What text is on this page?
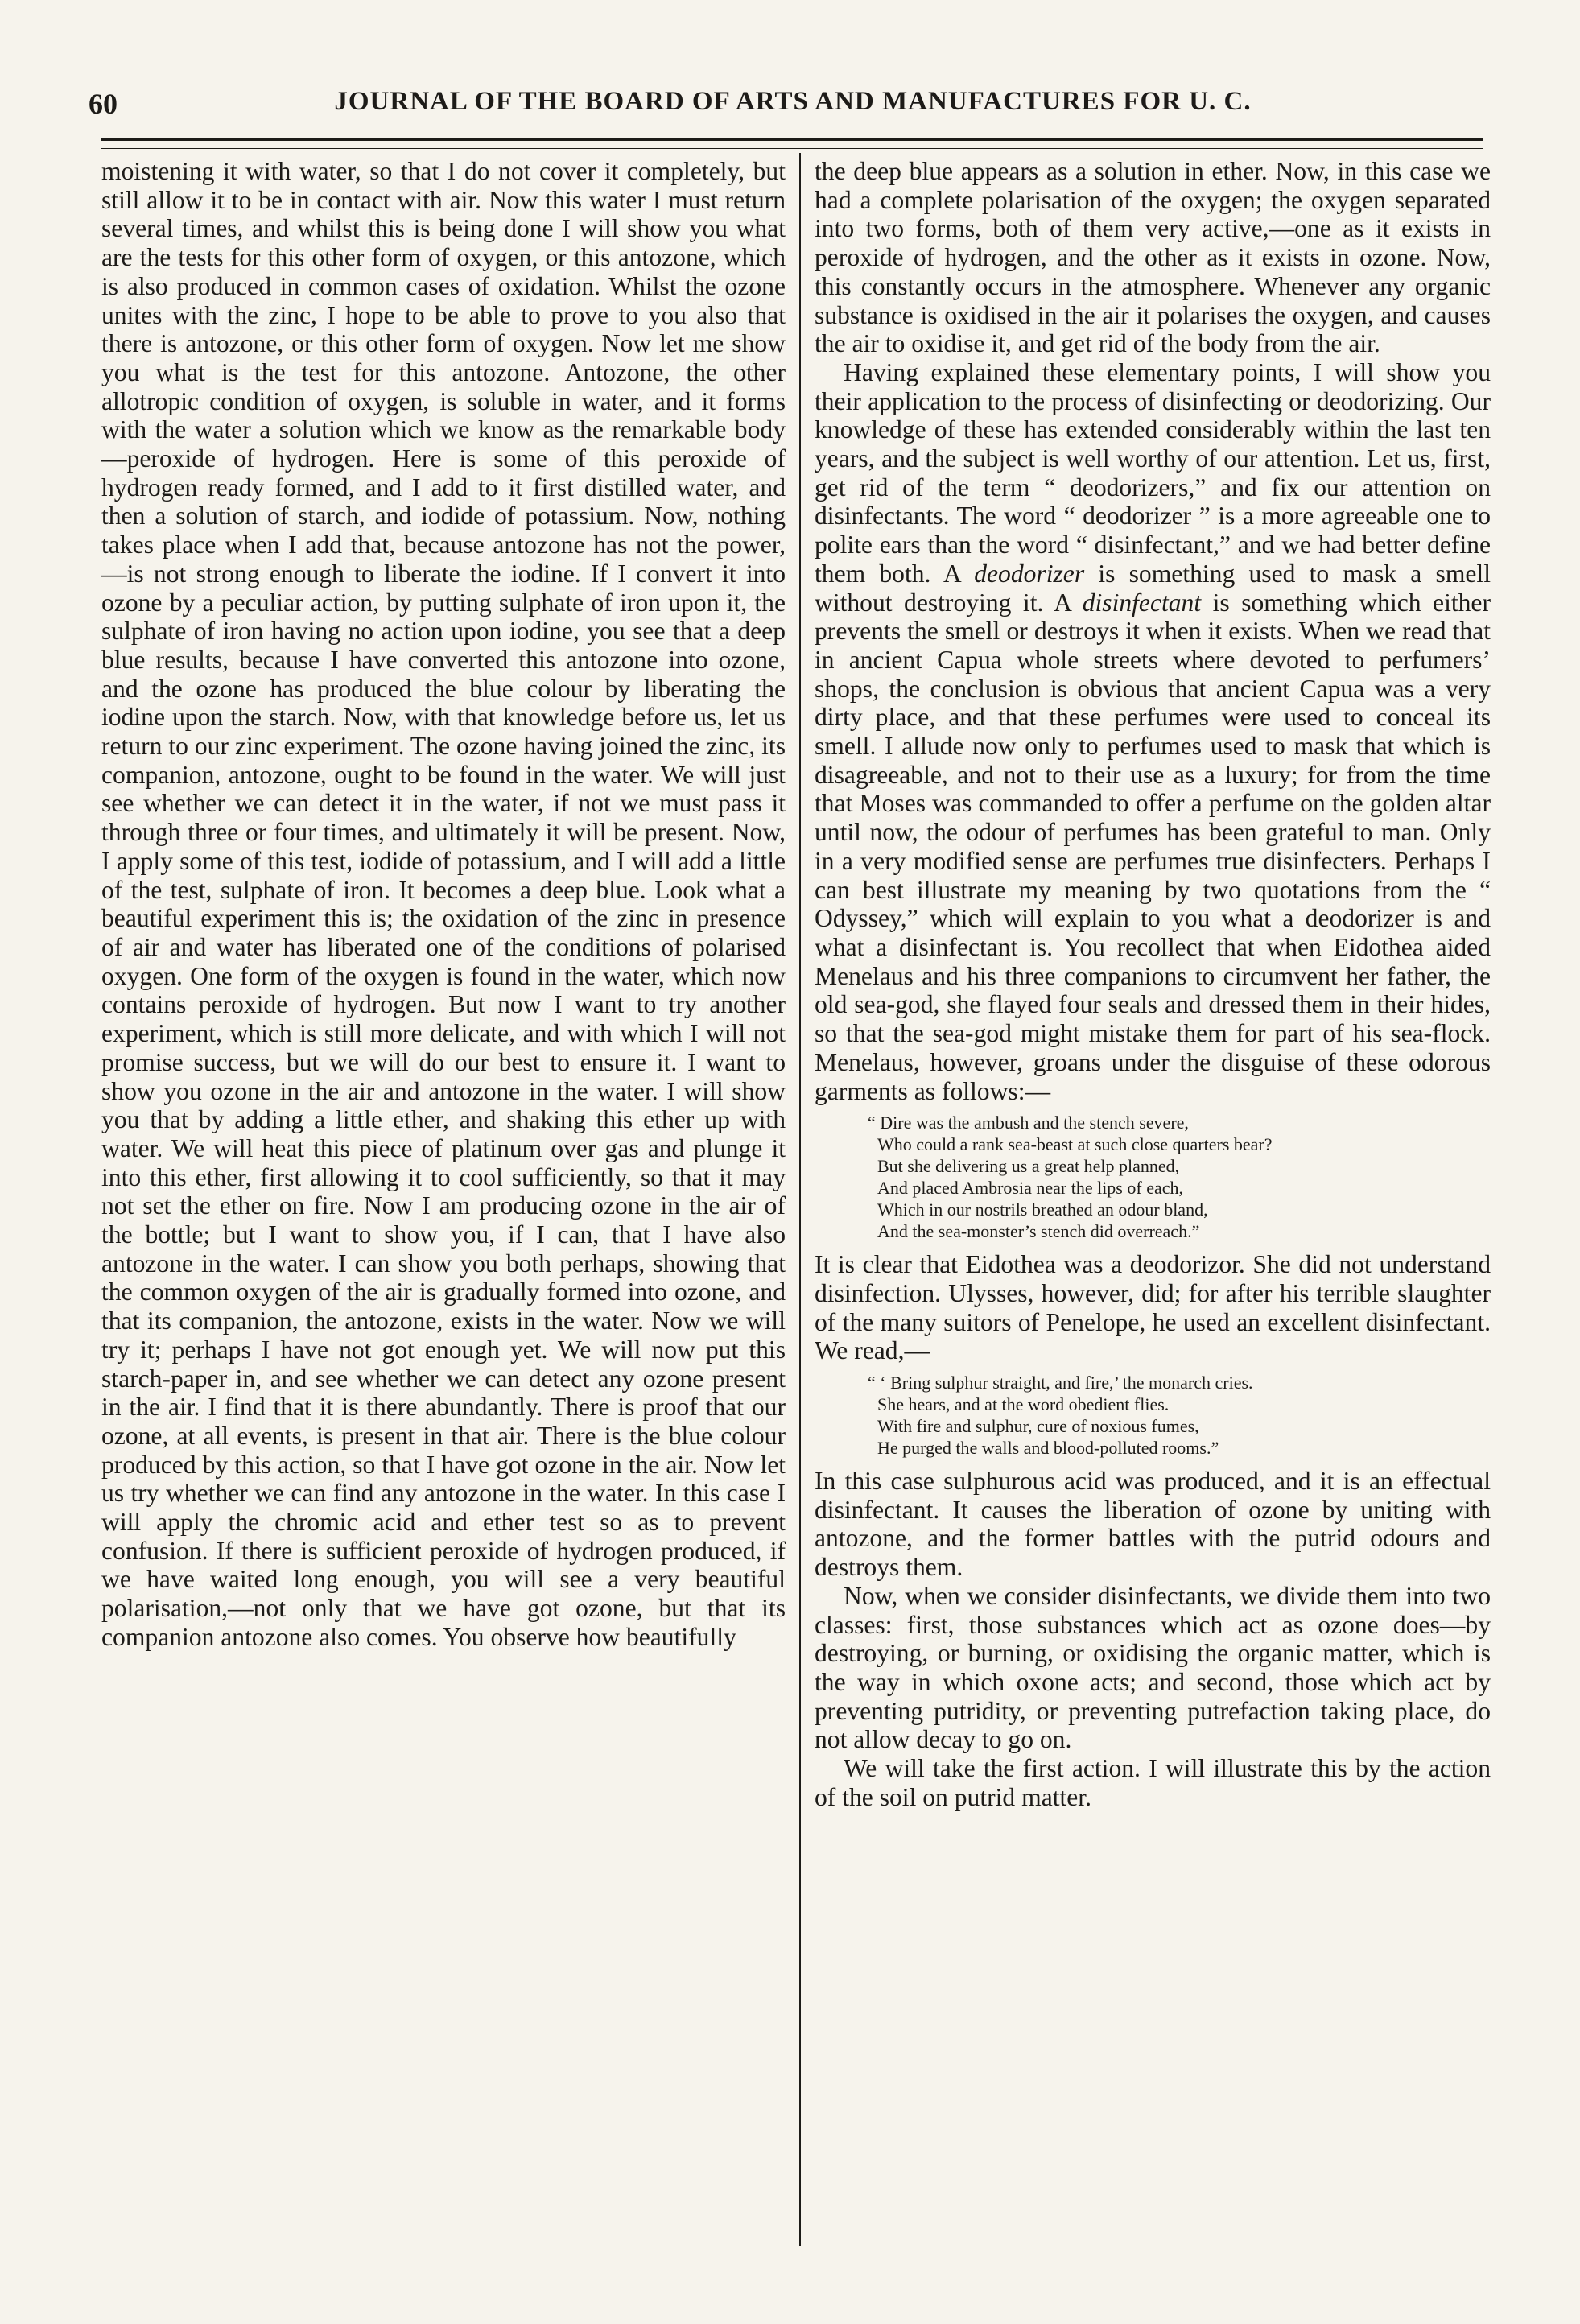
60	JOURNAL OF THE BOARD OF ARTS AND MANUFACTURES FOR U. C.

moistening it with water, so that I do not cover it completely, but still allow it to be in contact with air. Now this water I must return several times, and whilst this is being done I will show you what are the tests for this other form of oxygen, or this antozone, which is also produced in common cases of oxidation. Whilst the ozone unites with the zinc, I hope to be able to prove to you also that there is antozone, or this other form of oxygen. Now let me show you what is the test for this antozone. Antozone, the other allotropic condition of oxygen, is soluble in water, and it forms with the water a solution which we know as the remarkable body—peroxide of hydrogen. Here is some of this peroxide of hydrogen ready formed, and I add to it first distilled water, and then a solution of starch, and iodide of potassium. Now, nothing takes place when I add that, because antozone has not the power,—is not strong enough to liberate the iodine. If I convert it into ozone by a peculiar action, by putting sulphate of iron upon it, the sulphate of iron having no action upon iodine, you see that a deep blue results, because I have converted this antozone into ozone, and the ozone has produced the blue colour by liberating the iodine upon the starch. Now, with that knowledge before us, let us return to our zinc experiment. The ozone having joined the zinc, its companion, antozone, ought to be found in the water. We will just see whether we can detect it in the water, if not we must pass it through three or four times, and ultimately it will be present. Now, I apply some of this test, iodide of potassium, and I will add a little of the test, sulphate of iron. It becomes a deep blue. Look what a beautiful experiment this is; the oxidation of the zinc in presence of air and water has liberated one of the conditions of polarised oxygen. One form of the oxygen is found in the water, which now contains peroxide of hydrogen. But now I want to try another experiment, which is still more delicate, and with which I will not promise success, but we will do our best to ensure it. I want to show you ozone in the air and antozone in the water. I will show you that by adding a little ether, and shaking this ether up with water. We will heat this piece of platinum over gas and plunge it into this ether, first allowing it to cool sufficiently, so that it may not set the ether on fire. Now I am producing ozone in the air of the bottle; but I want to show you, if I can, that I have also antozone in the water. I can show you both perhaps, showing that the common oxygen of the air is gradually formed into ozone, and that its companion, the antozone, exists in the water. Now we will try it; perhaps I have not got enough yet. We will now put this starch-paper in, and see whether we can detect any ozone present in the air. I find that it is there abundantly. There is proof that our ozone, at all events, is present in that air. There is the blue colour produced by this action, so that I have got ozone in the air. Now let us try whether we can find any antozone in the water. In this case I will apply the chromic acid and ether test so as to prevent confusion. If there is sufficient peroxide of hydrogen produced, if we have waited long enough, you will see a very beautiful polarisation,—not only that we have got ozone, but that its companion antozone also comes. You observe how beautifully

the deep blue appears as a solution in ether. Now, in this case we had a complete polarisation of the oxygen; the oxygen separated into two forms, both of them very active,—one as it exists in peroxide of hydrogen, and the other as it exists in ozone. Now, this constantly occurs in the atmosphere. Whenever any organic substance is oxidised in the air it polarises the oxygen, and causes the air to oxidise it, and get rid of the body from the air.

Having explained these elementary points, I will show you their application to the process of disinfecting or deodorizing. Our knowledge of these has extended considerably within the last ten years, and the subject is well worthy of our attention. Let us, first, get rid of the term “ deodorizers,” and fix our attention on disinfectants. The word “ deodorizer ” is a more agreeable one to polite ears than the word “ disinfectant,” and we had better define them both. A deodorizer is something used to mask a smell without destroying it. A disinfectant is something which either prevents the smell or destroys it when it exists. When we read that in ancient Capua whole streets where devoted to perfumers’ shops, the conclusion is obvious that ancient Capua was a very dirty place, and that these perfumes were used to conceal its smell. I allude now only to perfumes used to mask that which is disagreeable, and not to their use as a luxury; for from the time that Moses was commanded to offer a perfume on the golden altar until now, the odour of perfumes has been grateful to man. Only in a very modified sense are perfumes true disinfecters. Perhaps I can best illustrate my meaning by two quotations from the “ Odyssey,” which will explain to you what a deodorizer is and what a disinfectant is. You recollect that when Eidothea aided Menelaus and his three companions to circumvent her father, the old sea-god, she flayed four seals and dressed them in their hides, so that the sea-god might mistake them for part of his sea-flock. Menelaus, however, groans under the disguise of these odorous garments as follows:—

“ Dire was the ambush and the stench severe,
Who could a rank sea-beast at such close quarters bear?
But she delivering us a great help planned,
And placed Ambrosia near the lips of each,
Which in our nostrils breathed an odour bland,
And the sea-monster’s stench did overreach.”

It is clear that Eidothea was a deodorizor. She did not understand disinfection. Ulysses, however, did; for after his terrible slaughter of the many suitors of Penelope, he used an excellent disinfectant. We read,—

“ ‘ Bring sulphur straight, and fire,’ the monarch cries.
She hears, and at the word obedient flies.
With fire and sulphur, cure of noxious fumes,
He purged the walls and blood-polluted rooms.”

In this case sulphurous acid was produced, and it is an effectual disinfectant. It causes the liberation of ozone by uniting with antozone, and the former battles with the putrid odours and destroys them.

Now, when we consider disinfectants, we divide them into two classes: first, those substances which act as ozone does—by destroying, or burning, or oxidising the organic matter, which is the way in which oxone acts; and second, those which act by preventing putridity, or preventing putrefaction taking place, do not allow decay to go on.

We will take the first action. I will illustrate this by the action of the soil on putrid matter.
